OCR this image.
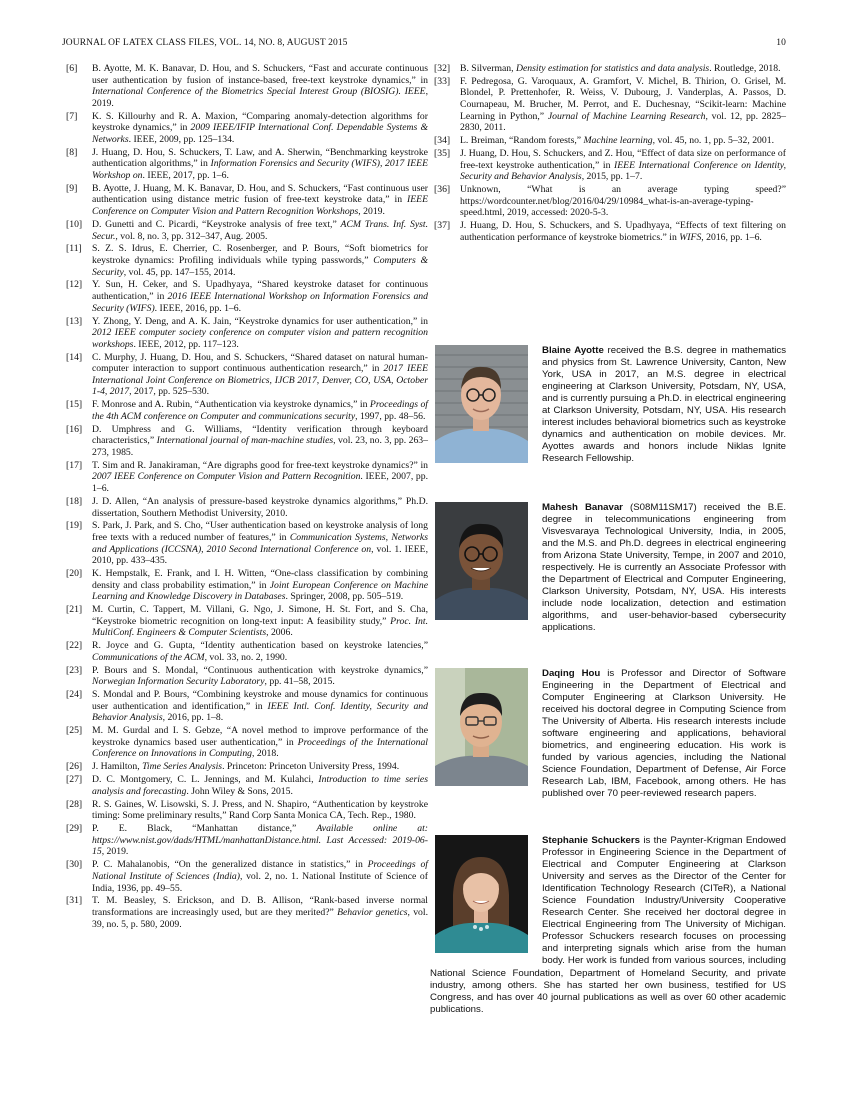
JOURNAL OF LATEX CLASS FILES, VOL. 14, NO. 8, AUGUST 2015	10
[6] B. Ayotte, M. K. Banavar, D. Hou, and S. Schuckers, “Fast and accurate continuous user authentication by fusion of instance-based, free-text keystroke dynamics,” in International Conference of the Biometrics Special Interest Group (BIOSIG). IEEE, 2019.
[7] K. S. Killourhy and R. A. Maxion, “Comparing anomaly-detection algorithms for keystroke dynamics,” in 2009 IEEE/IFIP International Conf. Dependable Systems & Networks. IEEE, 2009, pp. 125–134.
[8] J. Huang, D. Hou, S. Schuckers, T. Law, and A. Sherwin, “Benchmarking keystroke authentication algorithms,” in Information Forensics and Security (WIFS), 2017 IEEE Workshop on. IEEE, 2017, pp. 1–6.
[9] B. Ayotte, J. Huang, M. K. Banavar, D. Hou, and S. Schuckers, “Fast continuous user authentication using distance metric fusion of free-text keystroke data,” in IEEE Conference on Computer Vision and Pattern Recognition Workshops, 2019.
[10] D. Gunetti and C. Picardi, “Keystroke analysis of free text,” ACM Trans. Inf. Syst. Secur., vol. 8, no. 3, pp. 312–347, Aug. 2005.
[11] S. Z. S. Idrus, E. Cherrier, C. Rosenberger, and P. Bours, “Soft biometrics for keystroke dynamics: Profiling individuals while typing passwords,” Computers & Security, vol. 45, pp. 147–155, 2014.
[12] Y. Sun, H. Ceker, and S. Upadhyaya, “Shared keystroke dataset for continuous authentication,” in 2016 IEEE International Workshop on Information Forensics and Security (WIFS). IEEE, 2016, pp. 1–6.
[13] Y. Zhong, Y. Deng, and A. K. Jain, “Keystroke dynamics for user authentication,” in 2012 IEEE computer society conference on computer vision and pattern recognition workshops. IEEE, 2012, pp. 117–123.
[14] C. Murphy, J. Huang, D. Hou, and S. Schuckers, “Shared dataset on natural human-computer interaction to support continuous authentication research,” in 2017 IEEE International Joint Conference on Biometrics, IJCB 2017, Denver, CO, USA, October 1-4, 2017, 2017, pp. 525–530.
[15] F. Monrose and A. Rubin, “Authentication via keystroke dynamics,” in Proceedings of the 4th ACM conference on Computer and communications security, 1997, pp. 48–56.
[16] D. Umphress and G. Williams, “Identity verification through keyboard characteristics,” International journal of man-machine studies, vol. 23, no. 3, pp. 263–273, 1985.
[17] T. Sim and R. Janakiraman, “Are digraphs good for free-text keystroke dynamics?” in 2007 IEEE Conference on Computer Vision and Pattern Recognition. IEEE, 2007, pp. 1–6.
[18] J. D. Allen, “An analysis of pressure-based keystroke dynamics algorithms,” Ph.D. dissertation, Southern Methodist University, 2010.
[19] S. Park, J. Park, and S. Cho, “User authentication based on keystroke analysis of long free texts with a reduced number of features,” in Communication Systems, Networks and Applications (ICCSNA), 2010 Second International Conference on, vol. 1. IEEE, 2010, pp. 433–435.
[20] K. Hempstalk, E. Frank, and I. H. Witten, “One-class classification by combining density and class probability estimation,” in Joint European Conference on Machine Learning and Knowledge Discovery in Databases. Springer, 2008, pp. 505–519.
[21] M. Curtin, C. Tappert, M. Villani, G. Ngo, J. Simone, H. St. Fort, and S. Cha, “Keystroke biometric recognition on long-text input: A feasibility study,” Proc. Int. MultiConf. Engineers & Computer Scientists, 2006.
[22] R. Joyce and G. Gupta, “Identity authentication based on keystroke latencies,” Communications of the ACM, vol. 33, no. 2, 1990.
[23] P. Bours and S. Mondal, “Continuous authentication with keystroke dynamics,” Norwegian Information Security Laboratory, pp. 41–58, 2015.
[24] S. Mondal and P. Bours, “Combining keystroke and mouse dynamics for continuous user authentication and identification,” in IEEE Intl. Conf. Identity, Security and Behavior Analysis, 2016, pp. 1–8.
[25] M. M. Gurdal and I. S. Gebze, “A novel method to improve performance of the keystroke dynamics based user authentication,” in Proceedings of the International Conference on Innovations in Computing, 2018.
[26] J. Hamilton, Time Series Analysis. Princeton: Princeton University Press, 1994.
[27] D. C. Montgomery, C. L. Jennings, and M. Kulahci, Introduction to time series analysis and forecasting. John Wiley & Sons, 2015.
[28] R. S. Gaines, W. Lisowski, S. J. Press, and N. Shapiro, “Authentication by keystroke timing: Some preliminary results,” Rand Corp Santa Monica CA, Tech. Rep., 1980.
[29] P. E. Black, “Manhattan distance,” Available online at: https://www.nist.gov/dads/HTML/manhattanDistance.html. Last Accessed: 2019-06-15, 2019.
[30] P. C. Mahalanobis, “On the generalized distance in statistics,” in Proceedings of National Institute of Sciences (India), vol. 2, no. 1. National Institute of Science of India, 1936, pp. 49–55.
[31] T. M. Beasley, S. Erickson, and D. B. Allison, “Rank-based inverse normal transformations are increasingly used, but are they merited?” Behavior genetics, vol. 39, no. 5, p. 580, 2009.
[32] B. Silverman, Density estimation for statistics and data analysis. Routledge, 2018.
[33] F. Pedregosa, G. Varoquaux, A. Gramfort, V. Michel, B. Thirion, O. Grisel, M. Blondel, P. Prettenhofer, R. Weiss, V. Dubourg, J. Vanderplas, A. Passos, D. Cournapeau, M. Brucher, M. Perrot, and E. Duchesnay, “Scikit-learn: Machine Learning in Python,” Journal of Machine Learning Research, vol. 12, pp. 2825–2830, 2011.
[34] L. Breiman, “Random forests,” Machine learning, vol. 45, no. 1, pp. 5–32, 2001.
[35] J. Huang, D. Hou, S. Schuckers, and Z. Hou, “Effect of data size on performance of free-text keystroke authentication,” in IEEE International Conference on Identity, Security and Behavior Analysis, 2015, pp. 1–7.
[36] Unknown, “What is an average typing speed?” https://wordcounter.net/blog/2016/04/29/10984_what-is-an-average-typing-speed.html, 2019, accessed: 2020-5-3.
[37] J. Huang, D. Hou, S. Schuckers, and S. Upadhyaya, “Effects of text filtering on authentication performance of keystroke biometrics.” in WIFS, 2016, pp. 1–6.

Blaine Ayotte received the B.S. degree in mathematics and physics from St. Lawrence University, Canton, New York, USA in 2017, an M.S. degree in electrical engineering at Clarkson University, Potsdam, NY, USA, and is currently pursuing a Ph.D. in electrical engineering at Clarkson University, Potsdam, NY, USA. His research interest includes behavioral biometrics such as keystroke dynamics and authentication on mobile devices. Mr. Ayottes awards and honors include Niklas Ignite Research Fellowship.

Mahesh Banavar (S08M11SM17) received the B.E. degree in telecommunications engineering from Visvesvaraya Technological University, India, in 2005, and the M.S. and Ph.D. degrees in electrical engineering from Arizona State University, Tempe, in 2007 and 2010, respectively. He is currently an Associate Professor with the Department of Electrical and Computer Engineering, Clarkson University, Potsdam, NY, USA. His interests include node localization, detection and estimation algorithms, and user-behavior-based cybersecurity applications.

Daqing Hou is Professor and Director of Software Engineering in the Department of Electrical and Computer Engineering at Clarkson University. He received his doctoral degree in Computing Science from The University of Alberta. His research interests include software engineering and applications, behavioral biometrics, and engineering education. His work is funded by various agencies, including the National Science Foundation, Department of Defense, Air Force Research Lab, IBM, Facebook, among others. He has published over 70 peer-reviewed research papers.

Stephanie Schuckers is the Paynter-Krigman Endowed Professor in Engineering Science in the Department of Electrical and Computer Engineering at Clarkson University and serves as the Director of the Center for Identification Technology Research (CITeR), a National Science Foundation Industry/University Cooperative Research Center. She received her doctoral degree in Electrical Engineering from The University of Michigan. Professor Schuckers research focuses on processing and interpreting signals which arise from the human body. Her work is funded from various sources, including National Science Foundation, Department of Homeland Security, and private industry, among others. She has started her own business, testified for US Congress, and has over 40 journal publications as well as over 60 other academic publications.
